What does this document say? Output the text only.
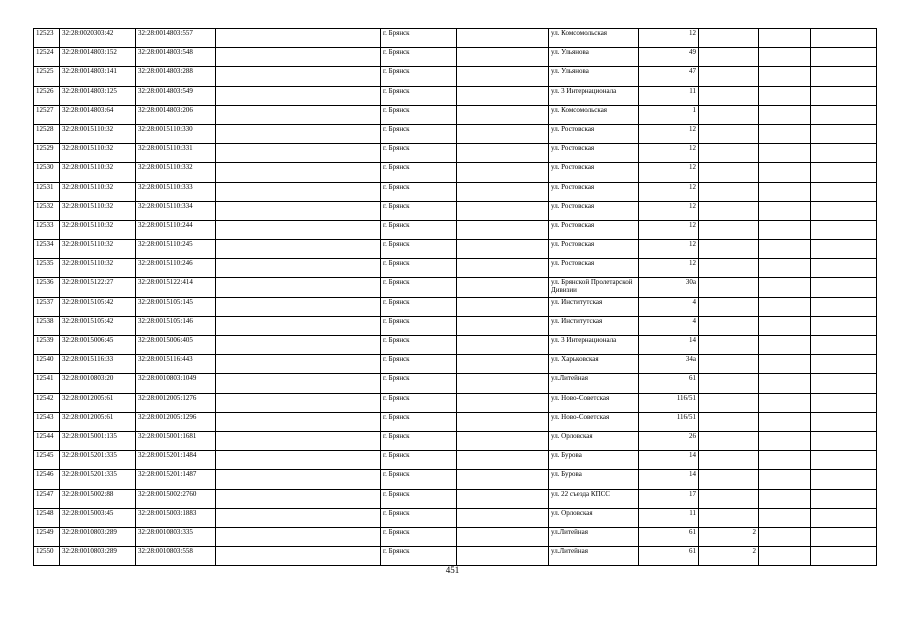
12523	32:28:0020303:42	32:28:0014803:557		г. Брянск		ул. Комсомольская	12			
12524	32:28:0014803:152	32:28:0014803:548		г. Брянск		ул. Ульянова	49			
12525	32:28:0014803:141	32:28:0014803:288		г. Брянск		ул. Ульянова	47			
12526	32:28:0014803:125	32:28:0014803:549		г. Брянск		ул. 3 Интернационала	11			
12527	32:28:0014803:64	32:28:0014803:206		г. Брянск		ул. Комсомольская	1			
12528	32:28:0015110:32	32:28:0015110:330		г. Брянск		ул. Ростовская	12			
12529	32:28:0015110:32	32:28:0015110:331		г. Брянск		ул. Ростовская	12			
12530	32:28:0015110:32	32:28:0015110:332		г. Брянск		ул. Ростовская	12			
12531	32:28:0015110:32	32:28:0015110:333		г. Брянск		ул. Ростовская	12			
12532	32:28:0015110:32	32:28:0015110:334		г. Брянск		ул. Ростовская	12			
12533	32:28:0015110:32	32:28:0015110:244		г. Брянск		ул. Ростовская	12			
12534	32:28:0015110:32	32:28:0015110:245		г. Брянск		ул. Ростовская	12			
12535	32:28:0015110:32	32:28:0015110:246		г. Брянск		ул. Ростовская	12			
12536	32:28:0015122:27	32:28:0015122:414		г. Брянск		ул. Брянской Пролетарской Дивизии	30а			
12537	32:28:0015105:42	32:28:0015105:145		г. Брянск		ул. Институтская	4			
12538	32:28:0015105:42	32:28:0015105:146		г. Брянск		ул. Институтская	4			
12539	32:28:0015006:45	32:28:0015006:405		г. Брянск		ул. 3 Интернационала	14			
12540	32:28:0015116:33	32:28:0015116:443		г. Брянск		ул. Харьковская	34а			
12541	32:28:0010803:20	32:28:0010803:1049		г. Брянск		ул.Литейная	61			
12542	32:28:0012005:61	32:28:0012005:1276		г. Брянск		ул. Ново-Советская	116/51			
12543	32:28:0012005:61	32:28:0012005:1296		г. Брянск		ул. Ново-Советская	116/51			
12544	32:28:0015001:135	32:28:0015001:1681		г. Брянск		ул. Орловская	26			
12545	32:28:0015201:335	32:28:0015201:1484		г. Брянск		ул. Бурова	14			
12546	32:28:0015201:335	32:28:0015201:1487		г. Брянск		ул. Бурова	14			
12547	32:28:0015002:88	32:28:0015002:2760		г. Брянск		ул. 22 съезда КПСС	17			
12548	32:28:0015003:45	32:28:0015003:1883		г. Брянск		ул. Орловская	11			
12549	32:28:0010803:289	32:28:0010803:335		г. Брянск		ул.Литейная	61	2		
12550	32:28:0010803:289	32:28:0010803:558		г. Брянск		ул.Литейная	61	2		
451
